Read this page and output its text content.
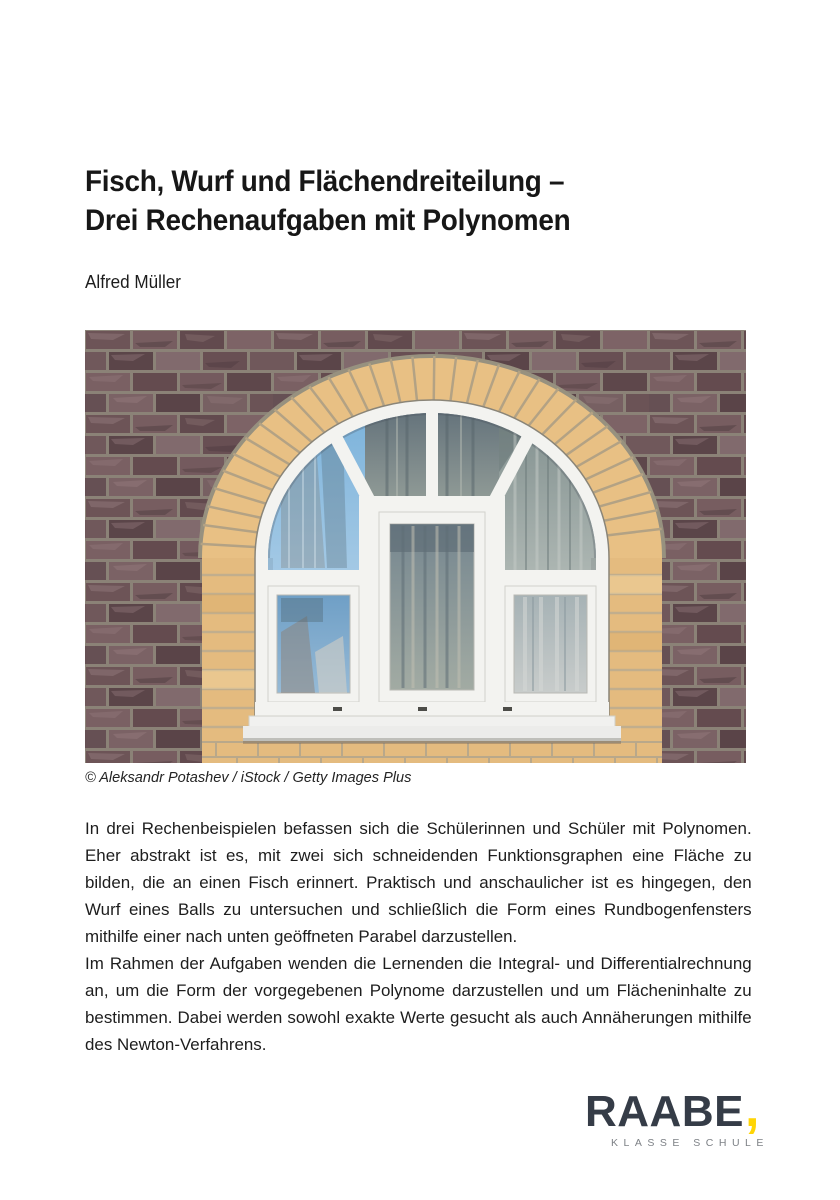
Fisch, Wurf und Flächendreiteilung –
Drei Rechenaufgaben mit Polynomen
Alfred Müller
© Aleksandr Potashev / iStock / Getty Images Plus

In drei Rechenbeispielen befassen sich die Schülerinnen und Schüler mit Polynomen. Eher abstrakt ist es, mit zwei sich schneidenden Funktionsgraphen eine Fläche zu bilden, die an einen Fisch erinnert. Praktisch und anschaulicher ist es hingegen, den Wurf eines Balls zu untersuchen und schließlich die Form eines Rundbogenfensters mithilfe einer nach unten geöffneten Parabel darzustellen.

Im Rahmen der Aufgaben wenden die Lernenden die Integral- und Differentialrechnung an, um die Form der vorgegebenen Polynome darzustellen und um Flächeninhalte zu bestimmen. Dabei werden sowohl exakte Werte gesucht als auch Annäherungen mithilfe des Newton-Verfahrens.

RAABE,
KLASSE SCHULE
